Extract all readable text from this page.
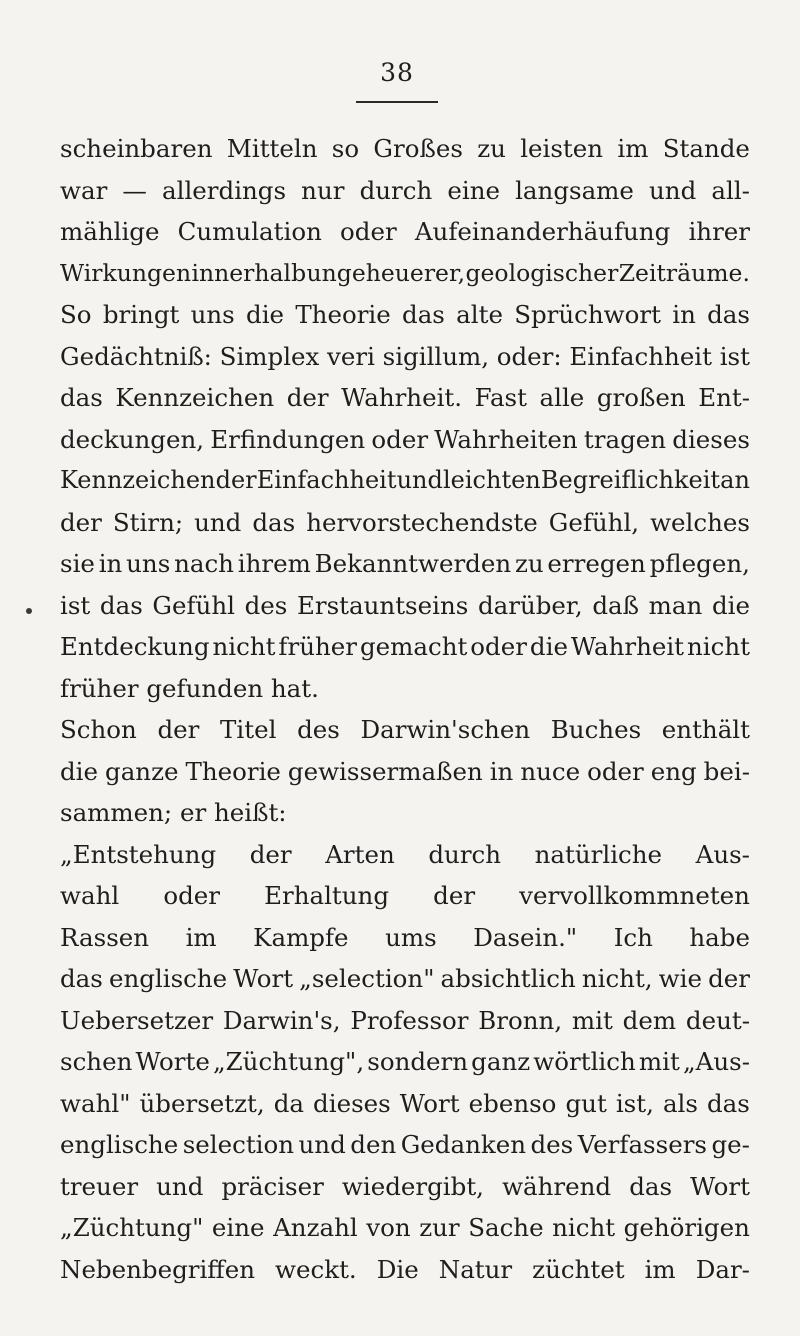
38
scheinbaren Mitteln so Großes zu leisten im Stande
war — allerdings nur durch eine langsame und all-
mählige Cumulation oder Aufeinanderhäufung ihrer
Wirkungen innerhalb ungeheuerer, geologischer Zeiträume.
So bringt uns die Theorie das alte Sprüchwort in das
Gedächtniß: Simplex veri sigillum, oder: Einfachheit ist
das Kennzeichen der Wahrheit. Fast alle großen Ent-
deckungen, Erfindungen oder Wahrheiten tragen dieses
Kennzeichen der Einfachheit und leichten Begreiflichkeit an
der Stirn; und das hervorstechendste Gefühl, welches
sie in uns nach ihrem Bekanntwerden zu erregen pflegen,
ist das Gefühl des Erstauntseins darüber, daß man die
Entdeckung nicht früher gemacht oder die Wahrheit nicht
früher gefunden hat.
Schon der Titel des Darwin'schen Buches enthält
die ganze Theorie gewissermaßen in nuce oder eng bei-
sammen; er heißt:
„Entstehung der Arten durch natürliche Aus-
wahl oder Erhaltung der vervollkommneten
Rassen im Kampfe ums Dasein." Ich habe
das englische Wort „selection" absichtlich nicht, wie der
Uebersetzer Darwin's, Professor Bronn, mit dem deut-
schen Worte „Züchtung", sondern ganz wörtlich mit „Aus-
wahl" übersetzt, da dieses Wort ebenso gut ist, als das
englische selection und den Gedanken des Verfassers ge-
treuer und präciser wiedergibt, während das Wort
„Züchtung" eine Anzahl von zur Sache nicht gehörigen
Nebenbegriffen weckt. Die Natur züchtet im Dar-
